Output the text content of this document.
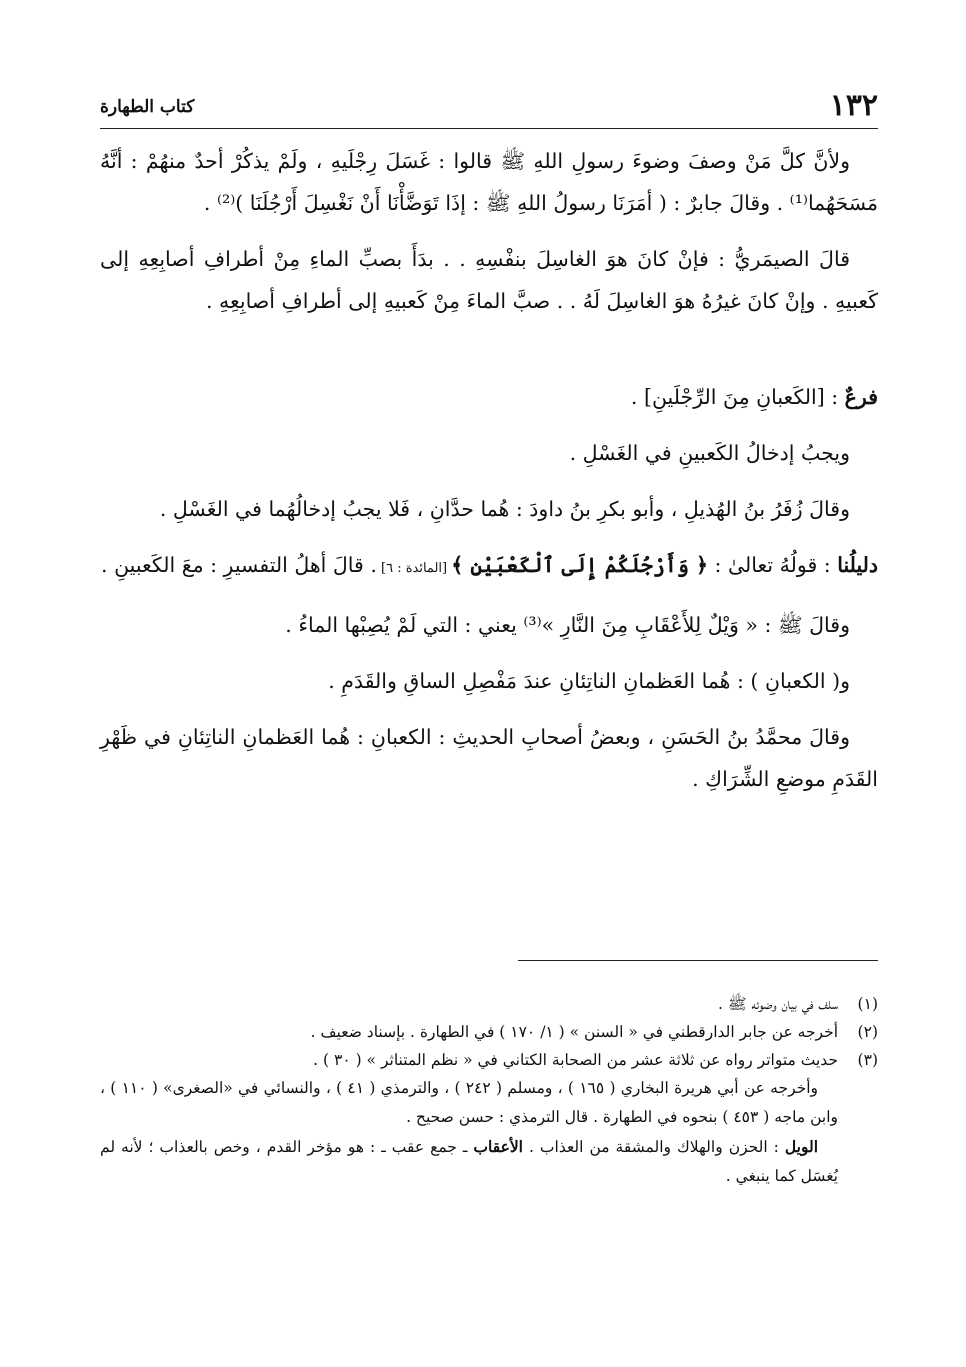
١٣٢
كتاب الطهارة

ولأنَّ كلَّ مَنْ وصفَ وضوءَ رسولِ اللهِ ﷺ قالوا : غَسَلَ رِجْلَيهِ ، ولَمْ يذكُرْ أحدٌ منهُمْ : أنَّهُ مَسَحَهُما⁽¹⁾ . وقالَ جابرٌ : ( أمَرَنَا رسولُ اللهِ ﷺ : إذَا تَوَضَّأْنَا أَنْ نَغْسِلَ أَرْجُلَنَا )⁽²⁾ .

قالَ الصيمَريُّ : فإنْ كانَ هوَ الغاسِلَ بنفْسِهِ . . بدَأَ بصبِّ الماءِ مِنْ أطرافِ أصابِعِهِ إلى كَعبيهِ . وإنْ كانَ غيرُهُ هوَ الغاسِلَ لَهُ . . صبَّ الماءَ مِنْ كَعبيهِ إلى أطرافِ أصابِعِهِ .

فرعٌ : [الكَعبانِ مِنَ الرِّجْلَينِ] .

ويجبُ إدخالُ الكَعبينِ في الغَسْلِ .

وقالَ زُفَرُ بنُ الهُذيلِ ، وأبو بكرِ بنُ داودَ : هُما حدَّانِ ، فَلا يجبُ إدخالُهُما في الغَسْلِ .

دليلُنا : قولُهُ تعالىٰ : ﴿ وَأَرْجُلَكُمْ إِلَى ٱلْكَعْبَيْنِ ﴾ [المائدة : ٦] . قالَ أهلُ التفسيرِ : معَ الكَعبينِ .

وقالَ ﷺ : « وَيْلٌ لِلأَعْقَابِ مِنَ النَّارِ »⁽³⁾ يعني : التي لَمْ يُصِبْها الماءُ .

و( الكعبانِ ) : هُما العَظمانِ الناتِئانِ عندَ مَفْصِلِ الساقِ والقَدَمِ .

وقالَ محمَّدُ بنُ الحَسَنِ ، وبعضُ أصحابِ الحديثِ : الكعبانِ : هُما العَظمانِ الناتِئانِ في ظَهْرِ القَدَمِ موضعِ الشِّرَاكِ .

(١)
سلف في بيان وضوئه ﷺ .

(٢)
أخرجه عن جابر الدارقطني في « السنن » ( ١/ ١٧٠ ) في الطهارة . بإسناد ضعيف .

(٣)
حديث متواتر رواه عن ثلاثة عشر من الصحابة الكتاني في « نظم المتناثر » ( ٣٠ ) .

وأخرجه عن أبي هريرة البخاري ( ١٦٥ ) ، ومسلم ( ٢٤٢ ) ، والترمذي ( ٤١ ) ، والنسائي في «الصغرى» ( ١١٠ ) ، وابن ماجه ( ٤٥٣ ) بنحوه في الطهارة . قال الترمذي : حسن صحيح .

الويل : الحزن والهلاك والمشقة من العذاب . الأعقاب ـ جمع عقب ـ : هو مؤخر القدم ، وخص بالعذاب ؛ لأنه لم يُغسَل كما ينبغي .
